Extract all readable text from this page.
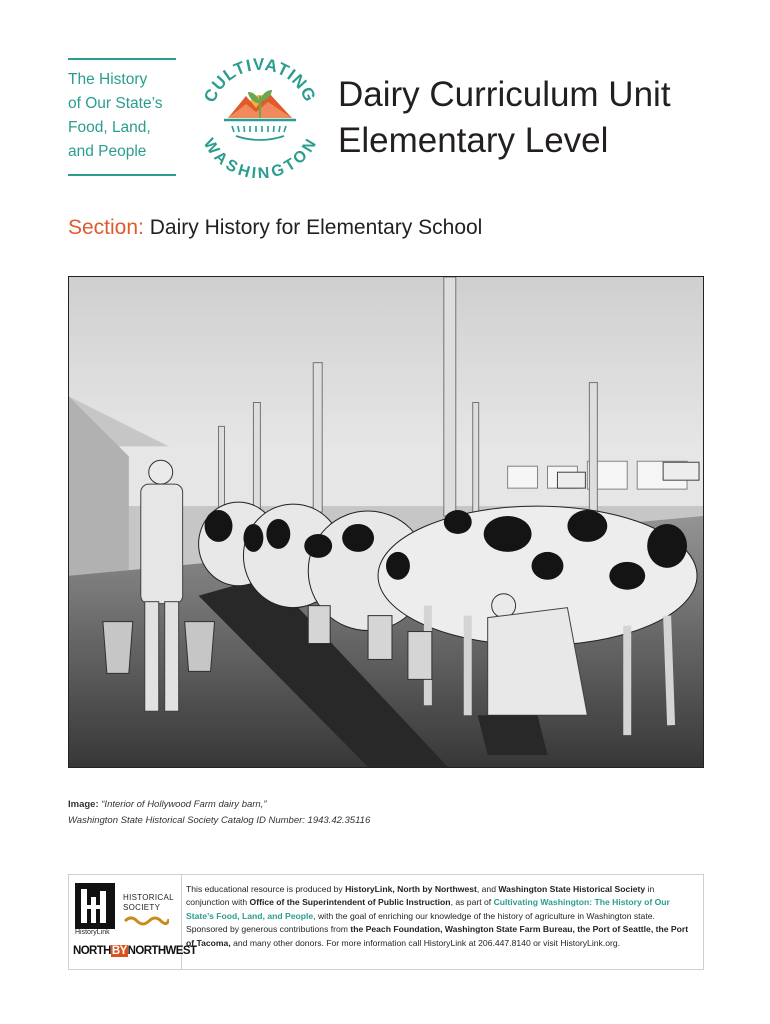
The History
of Our State’s
Food, Land,
and People
CULTIVATING
WASHINGTON
Dairy Curriculum Unit
Elementary Level
Section: Dairy History for Elementary School
Image: “Interior of Hollywood Farm dairy barn,”
Washington State Historical Society Catalog ID Number: 1943.42.35116
HistoryLink
HISTORICAL
SOCIETY
NORTHBYNORTHWEST
This educational resource is produced by HistoryLink, North by Northwest, and Washington State Historical Society in conjunction with Office of the Superintendent of Public Instruction, as part of Cultivating Washington: The History of Our State’s Food, Land, and People, with the goal of enriching our knowledge of the history of agriculture in Washington state. Sponsored by generous contributions from the Peach Foundation, Washington State Farm Bureau, the Port of Seattle, the Port of Tacoma, and many other donors. For more information call HistoryLink at 206.447.8140 or visit HistoryLink.org.
